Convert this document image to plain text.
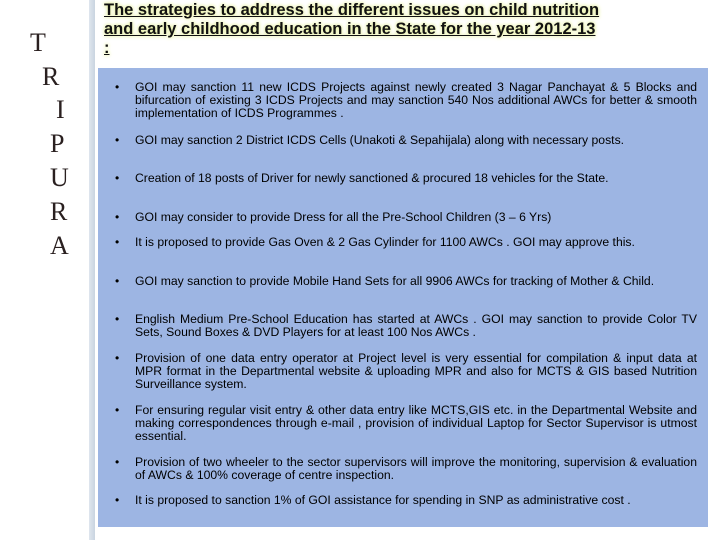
T
R
I
P
U
R
A
The strategies to address the different issues on child nutrition
and early childhood education in the State for the year 2012-13
:
• GOI may sanction 11 new ICDS Projects against newly created 3 Nagar Panchayat & 5 Blocks and bifurcation of existing 3 ICDS Projects and may sanction 540 Nos additional AWCs for better & smooth implementation of ICDS Programmes .
• GOI may sanction 2 District ICDS Cells (Unakoti & Sepahijala) along with necessary posts.
• Creation of 18 posts of Driver for newly sanctioned & procured 18 vehicles for the State.
• GOI may consider to provide Dress for all the Pre-School Children (3 – 6 Yrs)
• It is proposed to provide Gas Oven & 2 Gas Cylinder for 1100 AWCs . GOI may approve this.
• GOI may sanction to provide Mobile Hand Sets for all 9906 AWCs for tracking of Mother & Child.
• English Medium Pre-School Education has started at AWCs . GOI may sanction to provide Color TV Sets, Sound Boxes & DVD Players for at least 100 Nos AWCs .
• Provision of one data entry operator at Project level is very essential for compilation & input data at MPR format in the Departmental website & uploading MPR and also for MCTS & GIS based Nutrition Surveillance system.
• For ensuring regular visit entry & other data entry like MCTS,GIS etc. in the Departmental Website and making correspondences through e-mail , provision of individual Laptop for Sector Supervisor is utmost essential.
• Provision of two wheeler to the sector supervisors will improve the monitoring, supervision & evaluation of AWCs & 100% coverage of centre inspection.
• It is proposed to sanction 1% of GOI assistance for spending in SNP as administrative cost .
